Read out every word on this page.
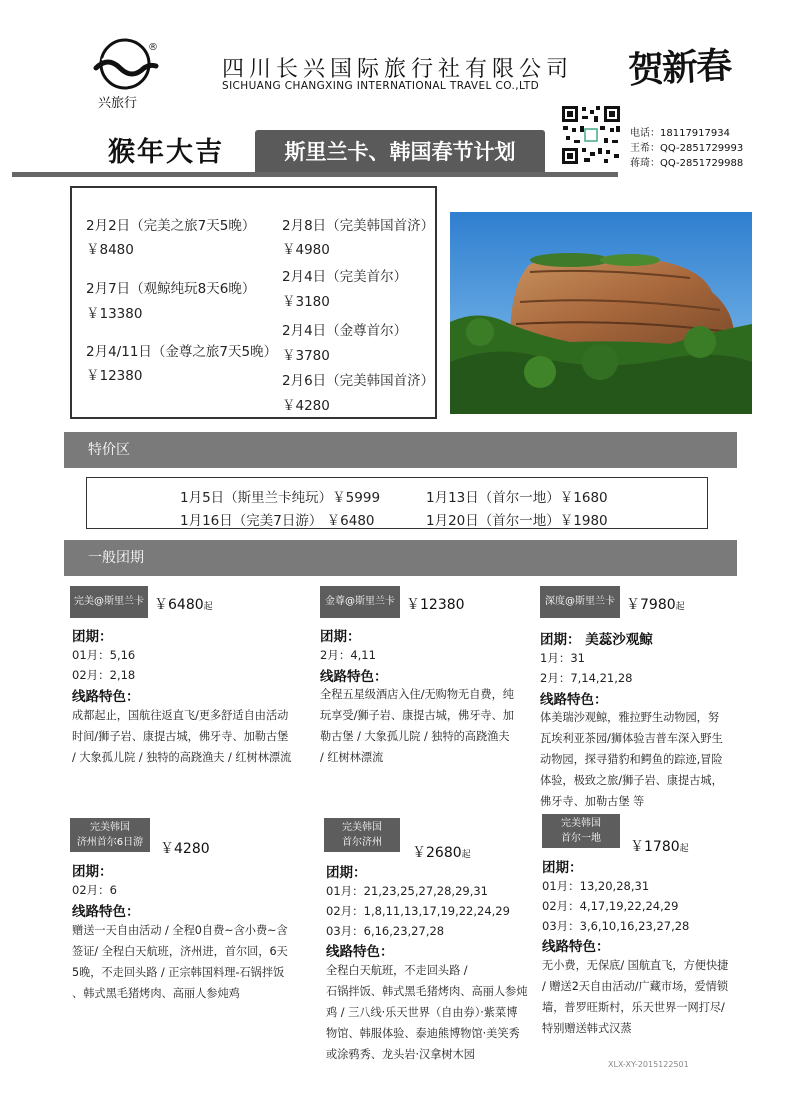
®
兴旅行
四川长兴国际旅行社有限公司
SICHUANG CHANGXING INTERNATIONAL TRAVEL CO.,LTD 贺新春
猴年大吉	斯里兰卡、韩国春节计划
电话：18117917934
王希：QQ-2851729993
蒋琦：QQ-2851729988
2月2日（完美之旅7天5晚）
￥8480
2月7日（观鲸纯玩8天6晚）
￥13380
2月4/11日（金尊之旅7天5晚）
￥12380
2月8日（完美韩国首济）
￥4980
2月4日（完美首尔）
￥3180
2月4日（金尊首尔）
￥3780
2月6日（完美韩国首济）
￥4280
特价区
1月5日（斯里兰卡纯玩）￥5999	1月13日（首尔一地）￥1680
1月16日（完美7日游） ￥6480	1月20日（首尔一地）￥1980
一般团期
完美@斯里兰卡 ￥6480起
团期：
01月：5,16
02月：2,18
线路特色：
成都起止，国航往返直飞/更多舒适自由活动
时间/狮子岩、康提古城，佛牙寺、加勒古堡
/ 大象孤儿院 / 独特的高跷渔夫 / 红树林漂流
金尊@斯里兰卡 ￥12380
团期：
2月：4,11
线路特色：
全程五星级酒店入住/无购物无自费，纯
玩享受/狮子岩、康提古城，佛牙寺、加
勒古堡 / 大象孤儿院 / 独特的高跷渔夫
/ 红树林漂流
深度@斯里兰卡 ￥7980起
团期： 美蕊沙观鲸
1月：31
2月：7,14,21,28
线路特色：
体美瑞沙观鲸，雅拉野生动物园，努
瓦埃利亚茶园/狮体验吉普车深入野生
动物园，探寻猎豹和鳄鱼的踪迹,冒险
体验，极致之旅/狮子岩、康提古城，
佛牙寺、加勒古堡 等
完美韩国
济州首尔6日游	￥4280
团期：
02月：6
线路特色：
赠送一天自由活动 / 全程0自费~含小费~含
签证/ 全程白天航班，济州进，首尔回，6天
5晚，不走回头路 / 正宗韩国料理-石锅拌饭
、韩式黑毛猪烤肉、高丽人参炖鸡
完美韩国
首尔济州
￥2680起
团期：
01月：21,23,25,27,28,29,31
02月：1,8,11,13,17,19,22,24,29
03月：6,16,23,27,28
线路特色：
全程白天航班，不走回头路 /
石锅拌饭、韩式黑毛猪烤肉、高丽人参炖
鸡 / 三八线·乐天世界（自由券）·紫菜博
物馆、韩服体验、泰迪熊博物馆·美笑秀
或涂鸦秀、龙头岩·汉拿树木园
完美韩国
首尔一地
￥1780起
团期：
01月：13,20,28,31
02月：4,17,19,22,24,29
03月：3,6,10,16,23,27,28
线路特色：
无小费，无保底/ 国航直飞，方便快捷
/ 赠送2天自由活动/广藏市场，爱情锁
墙，普罗旺斯村，乐天世界一网打尽/
特别赠送韩式汉蒸
XLX-XY-2015122501
